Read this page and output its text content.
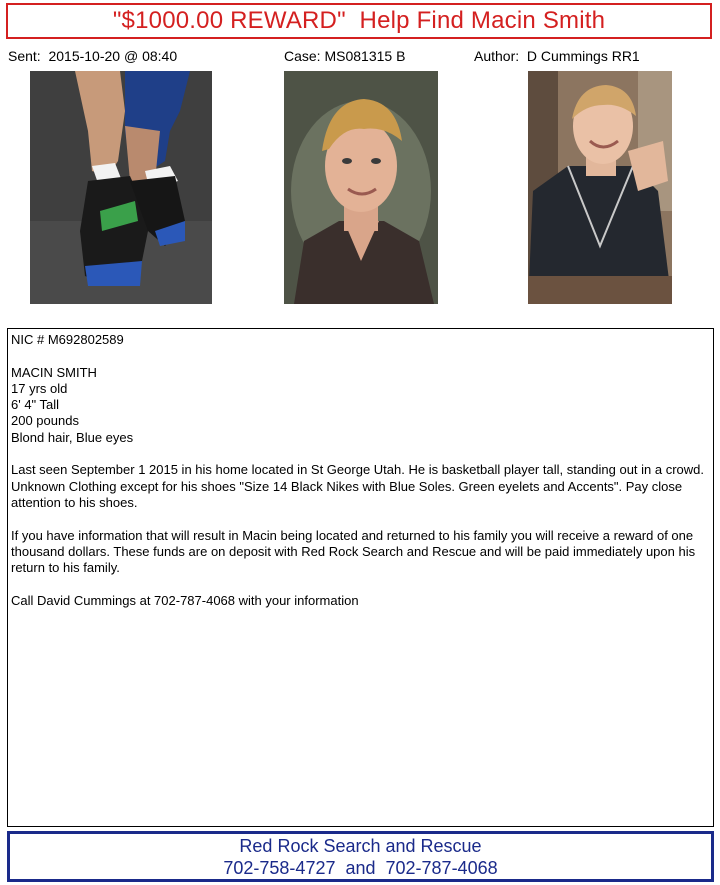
"$1000.00 REWARD"  Help Find Macin Smith
Sent:  2015-10-20 @ 08:40	Case: MS081315 B	Author:  D Cummings RR1
NIC # M692802589
MACIN SMITH
17 yrs old
6' 4" Tall
200 pounds
Blond hair, Blue eyes
Last seen September 1 2015 in his home located in St George Utah. He is basketball player tall, standing out in a crowd. Unknown Clothing except for his shoes "Size 14 Black Nikes with Blue Soles. Green eyelets and Accents". Pay close attention to his shoes.
If you have information that will result in Macin being located and returned to his family you will receive a reward of one thousand dollars. These funds are on deposit with Red Rock Search and Rescue and will be paid immediately upon his return to his family.
Call David Cummings at 702-787-4068 with your information
Red Rock Search and Rescue
702-758-4727  and  702-787-4068
